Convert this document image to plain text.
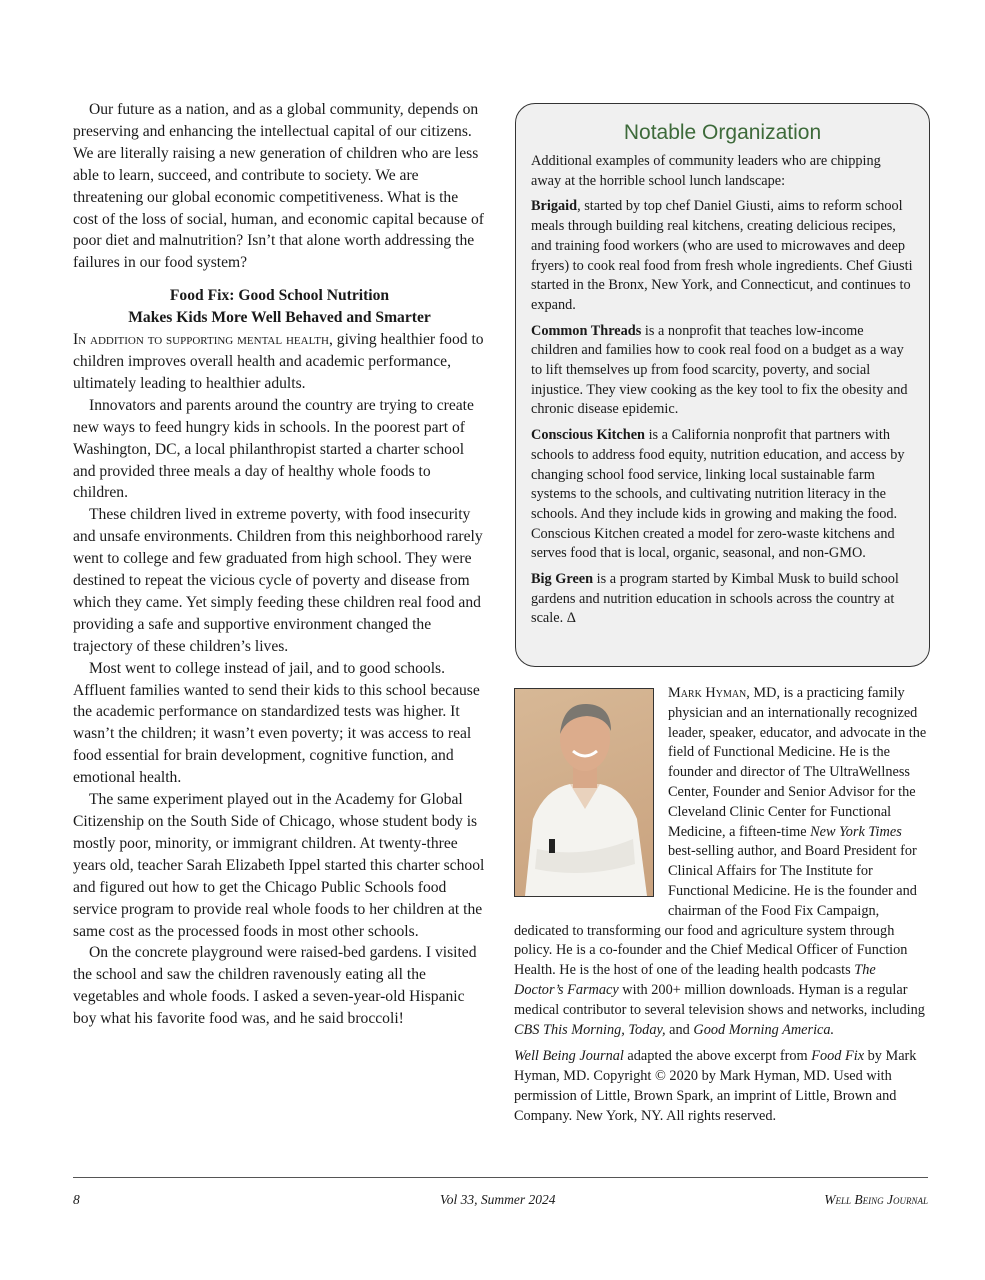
Our future as a nation, and as a global community, depends on preserving and enhancing the intellectual capital of our citizens. We are literally raising a new generation of children who are less able to learn, succeed, and contribute to society. We are threatening our global economic competitiveness. What is the cost of the loss of social, human, and economic capital because of poor diet and malnutrition? Isn’t that alone worth addressing the failures in our food system?

Food Fix: Good School Nutrition
Makes Kids More Well Behaved and Smarter

In addition to supporting mental health, giving healthier food to children improves overall health and academic performance, ultimately leading to healthier adults.

Innovators and parents around the country are trying to create new ways to feed hungry kids in schools. In the poorest part of Washington, DC, a local philanthropist started a charter school and provided three meals a day of healthy whole foods to children.

These children lived in extreme poverty, with food insecurity and unsafe environments. Children from this neighborhood rarely went to college and few graduated from high school. They were destined to repeat the vicious cycle of poverty and disease from which they came. Yet simply feeding these children real food and providing a safe and supportive environment changed the trajectory of these children’s lives.

Most went to college instead of jail, and to good schools. Affluent families wanted to send their kids to this school because the academic performance on standardized tests was higher. It wasn’t the children; it wasn’t even poverty; it was access to real food essential for brain development, cognitive function, and emotional health.

The same experiment played out in the Academy for Global Citizenship on the South Side of Chicago, whose student body is mostly poor, minority, or immigrant children. At twenty-three years old, teacher Sarah Elizabeth Ippel started this charter school and figured out how to get the Chicago Public Schools food service program to provide real whole foods to her children at the same cost as the processed foods in most other schools.

On the concrete playground were raised-bed gardens. I visited the school and saw the children ravenously eating all the vegetables and whole foods. I asked a seven-year-old Hispanic boy what his favorite food was, and he said broccoli!

Notable Organization

Additional examples of community leaders who are chipping away at the horrible school lunch landscape:

Brigaid, started by top chef Daniel Giusti, aims to reform school meals through building real kitchens, creating delicious recipes, and training food workers (who are used to microwaves and deep fryers) to cook real food from fresh whole ingredients. Chef Giusti started in the Bronx, New York, and Connecticut, and continues to expand.

Common Threads is a nonprofit that teaches low-income children and families how to cook real food on a budget as a way to lift themselves up from food scarcity, poverty, and social injustice. They view cooking as the key tool to fix the obesity and chronic disease epidemic.

Conscious Kitchen is a California nonprofit that partners with schools to address food equity, nutrition education, and access by changing school food service, linking local sustainable farm systems to the schools, and cultivating nutrition literacy in the schools. And they include kids in growing and making the food. Conscious Kitchen created a model for zero-waste kitchens and serves food that is local, organic, seasonal, and non-GMO.

Big Green is a program started by Kimbal Musk to build school gardens and nutrition education in schools across the country at scale. Δ

Mark Hyman, MD, is a practicing family physician and an internationally recognized leader, speaker, educator, and advocate in the field of Functional Medicine. He is the founder and director of The UltraWellness Center, Founder and Senior Advisor for the Cleveland Clinic Center for Functional Medicine, a fifteen-time New York Times best-selling author, and Board President for Clinical Affairs for The Institute for Functional Medicine. He is the founder and chairman of the Food Fix Campaign, dedicated to transforming our food and agriculture system through policy. He is a co-founder and the Chief Medical Officer of Function Health. He is the host of one of the leading health podcasts The Doctor’s Farmacy with 200+ million downloads. Hyman is a regular medical contributor to several television shows and networks, including CBS This Morning, Today, and Good Morning America.

Well Being Journal adapted the above excerpt from Food Fix by Mark Hyman, MD. Copyright © 2020 by Mark Hyman, MD. Used with permission of Little, Brown Spark, an imprint of Little, Brown and Company. New York, NY. All rights reserved.

8	Vol 33, Summer 2024	Well Being Journal
